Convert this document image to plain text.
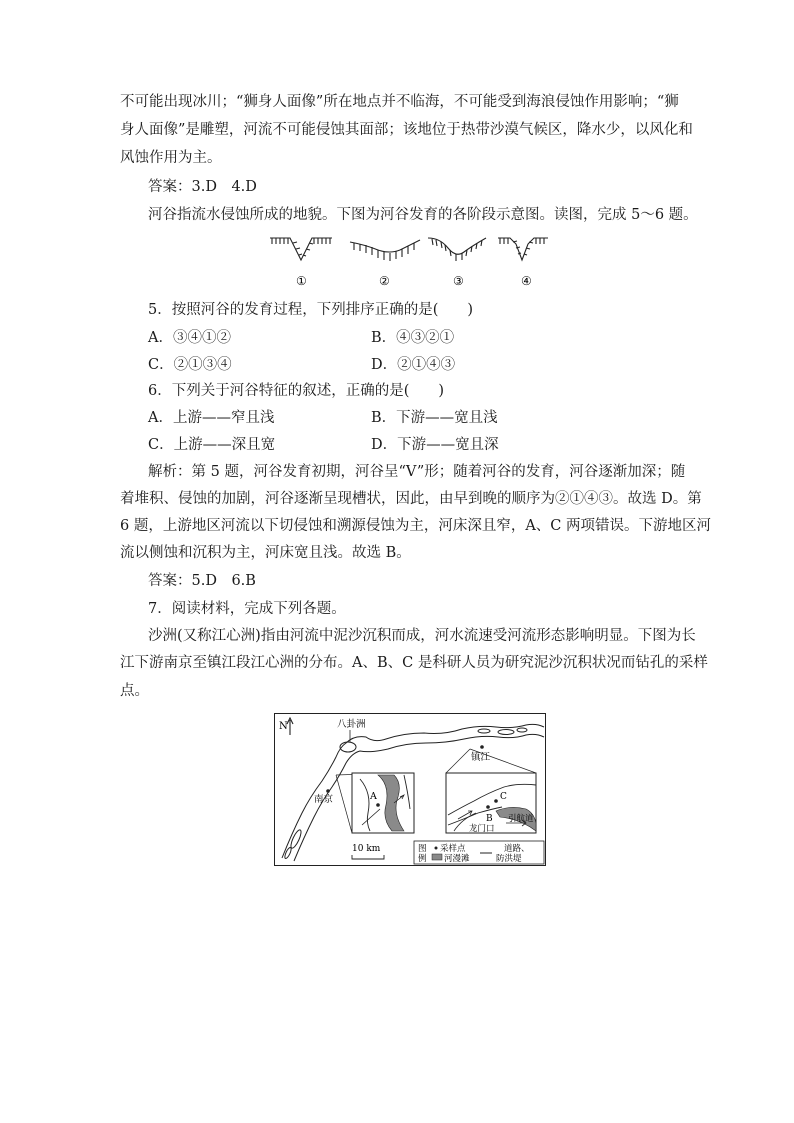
不可能出现冰川；“狮身人面像”所在地点并不临海，不可能受到海浪侵蚀作用影响；“狮
身人面像”是雕塑，河流不可能侵蚀其面部；该地位于热带沙漠气候区，降水少，以风化和
风蚀作用为主。
答案：3.D　4.D
河谷指流水侵蚀所成的地貌。下图为河谷发育的各阶段示意图。读图，完成 5～6 题。
①	②	③	④
5．按照河谷的发育过程，下列排序正确的是(　　)
A．③④①②	B．④③②①
C．②①③④	D．②①④③
6．下列关于河谷特征的叙述，正确的是(　　)
A．上游——窄且浅	B．下游——宽且浅
C．上游——深且宽	D．下游——宽且深
解析：第 5 题，河谷发育初期，河谷呈“V”形；随着河谷的发育，河谷逐渐加深；随
着堆积、侵蚀的加剧，河谷逐渐呈现槽状，因此，由早到晚的顺序为②①④③。故选 D。第
6 题，上游地区河流以下切侵蚀和溯源侵蚀为主，河床深且窄，A、C 两项错误。下游地区河
流以侧蚀和沉积为主，河床宽且浅。故选 B。
答案：5.D　6.B
7．阅读材料，完成下列各题。
沙洲(又称江心洲)指由河流中泥沙沉积而成，河水流速受河流形态影响明显。下图为长
江下游南京至镇江段江心洲的分布。A、B、C 是科研人员为研究泥沙沉积状况而钻孔的采样
点。
N	八卦洲
镇江
南京	A
B
C
龙门口
引航道
10 km	图
例
采样点
河漫滩
道路、
防洪堤
